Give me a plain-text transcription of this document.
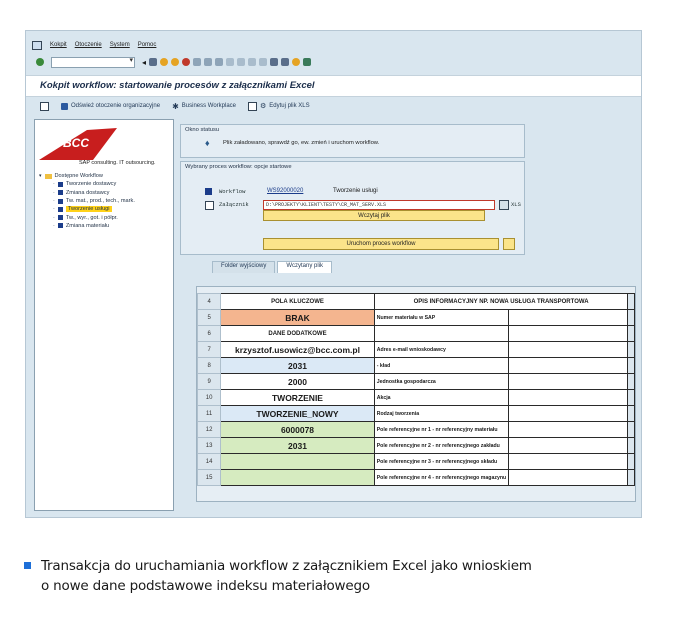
Kokpit Otoczenie System Pomoc
▾
◂
Kokpit workflow: startowanie procesów z załącznikami Excel
Odśwież otoczenie organizacyjne ✱ Business Workplace	⚙ Edytuj plik XLS
BCC
SAP consulting. IT outsourcing.
▾ Dostępne Workflow
· Tworzenie dostawcy
· Zmiana dostawcy
· Tw. mat., prod., tech., mark.
·	Tworzenie usługi
· Tw., wyr., got. i półpr.
· Zmiana materiału
Okno statusu
♦ Plik załadowano, sprawdź go, ew. zmień i uruchom workflow.
Wybrany proces workflow: opcje startowe
Workflow	WS92000020	Tworzenie usługi
Załącznik	D:\PROJEKTY\KLIENT\TESTY\CR_MAT_SERV.XLS	XLS
Wczytaj plik
Uruchom proces workflow
Folder wyjściowy	Wczytany plik
4	POLA KLUCZOWE	OPIS INFORMACYJNY NP. NOWA USŁUGA TRANSPORTOWA		
5	BRAK	Numer materiału w SAP		
6	DANE DODATKOWE			
7	krzysztof.usowicz@bcc.com.pl	Adres e-mail wnioskodawcy		
8	2031	- kład		
9	2000	Jednostka gospodarcza		
10	TWORZENIE	Akcja		
11	TWORZENIE_NOWY	Rodzaj tworzenia		
12	6000078	Pole referencyjne nr 1 - nr referencyjny materiału		
13	2031	Pole referencyjne nr 2 - nr referencyjnego zakładu		
14		Pole referencyjne nr 3 - nr referencyjnego składu		
15		Pole referencyjne nr 4 - nr referencyjnego magazynu		
Transakcja do uruchamiania workflow z załącznikiem Excel jako wnioskiem
o nowe dane podstawowe indeksu materiałowego
